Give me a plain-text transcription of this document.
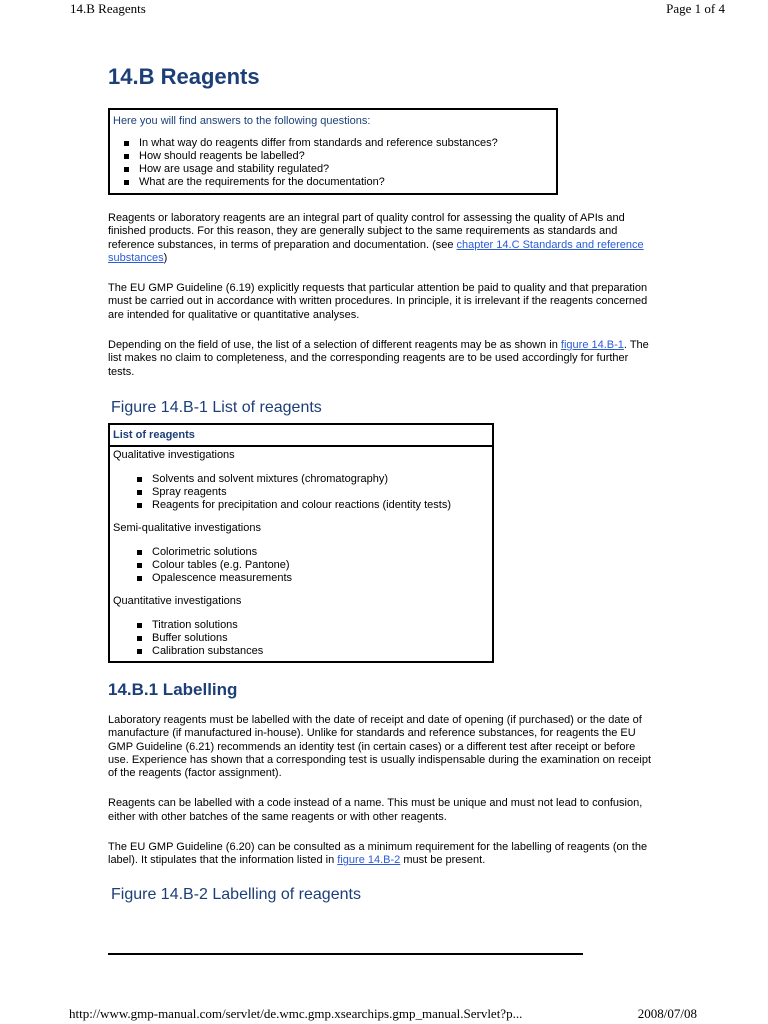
14.B Reagents	Page 1 of 4
14.B Reagents
Here you will find answers to the following questions:
In what way do reagents differ from standards and reference substances?
How should reagents be labelled?
How are usage and stability regulated?
What are the requirements for the documentation?

Reagents or laboratory reagents are an integral part of quality control for assessing the quality of APIs and finished products. For this reason, they are generally subject to the same requirements as standards and reference substances, in terms of preparation and documentation. (see chapter 14.C Standards and reference substances)

The EU GMP Guideline (6.19) explicitly requests that particular attention be paid to quality and that preparation must be carried out in accordance with written procedures. In principle, it is irrelevant if the reagents concerned are intended for qualitative or quantitative analyses.

Depending on the field of use, the list of a selection of different reagents may be as shown in figure 14.B-1. The list makes no claim to completeness, and the corresponding reagents are to be used accordingly for further tests.

Figure 14.B-1 List of reagents
List of reagents
Qualitative investigations
Solvents and solvent mixtures (chromatography)
Spray reagents
Reagents for precipitation and colour reactions (identity tests)
Semi-qualitative investigations
Colorimetric solutions
Colour tables (e.g. Pantone)
Opalescence measurements
Quantitative investigations
Titration solutions
Buffer solutions
Calibration substances
14.B.1 Labelling

Laboratory reagents must be labelled with the date of receipt and date of opening (if purchased) or the date of manufacture (if manufactured in-house). Unlike for standards and reference substances, for reagents the EU GMP Guideline (6.21) recommends an identity test (in certain cases) or a different test after receipt or before use. Experience has shown that a corresponding test is usually indispensable during the examination on receipt of the reagents (factor assignment).

Reagents can be labelled with a code instead of a name. This must be unique and must not lead to confusion, either with other batches of the same reagents or with other reagents.

The EU GMP Guideline (6.20) can be consulted as a minimum requirement for the labelling of reagents (on the label). It stipulates that the information listed in figure 14.B-2 must be present.

Figure 14.B-2 Labelling of reagents
http://www.gmp-manual.com/servlet/de.wmc.gmp.xsearchips.gmp_manual.Servlet?p...	2008/07/08
